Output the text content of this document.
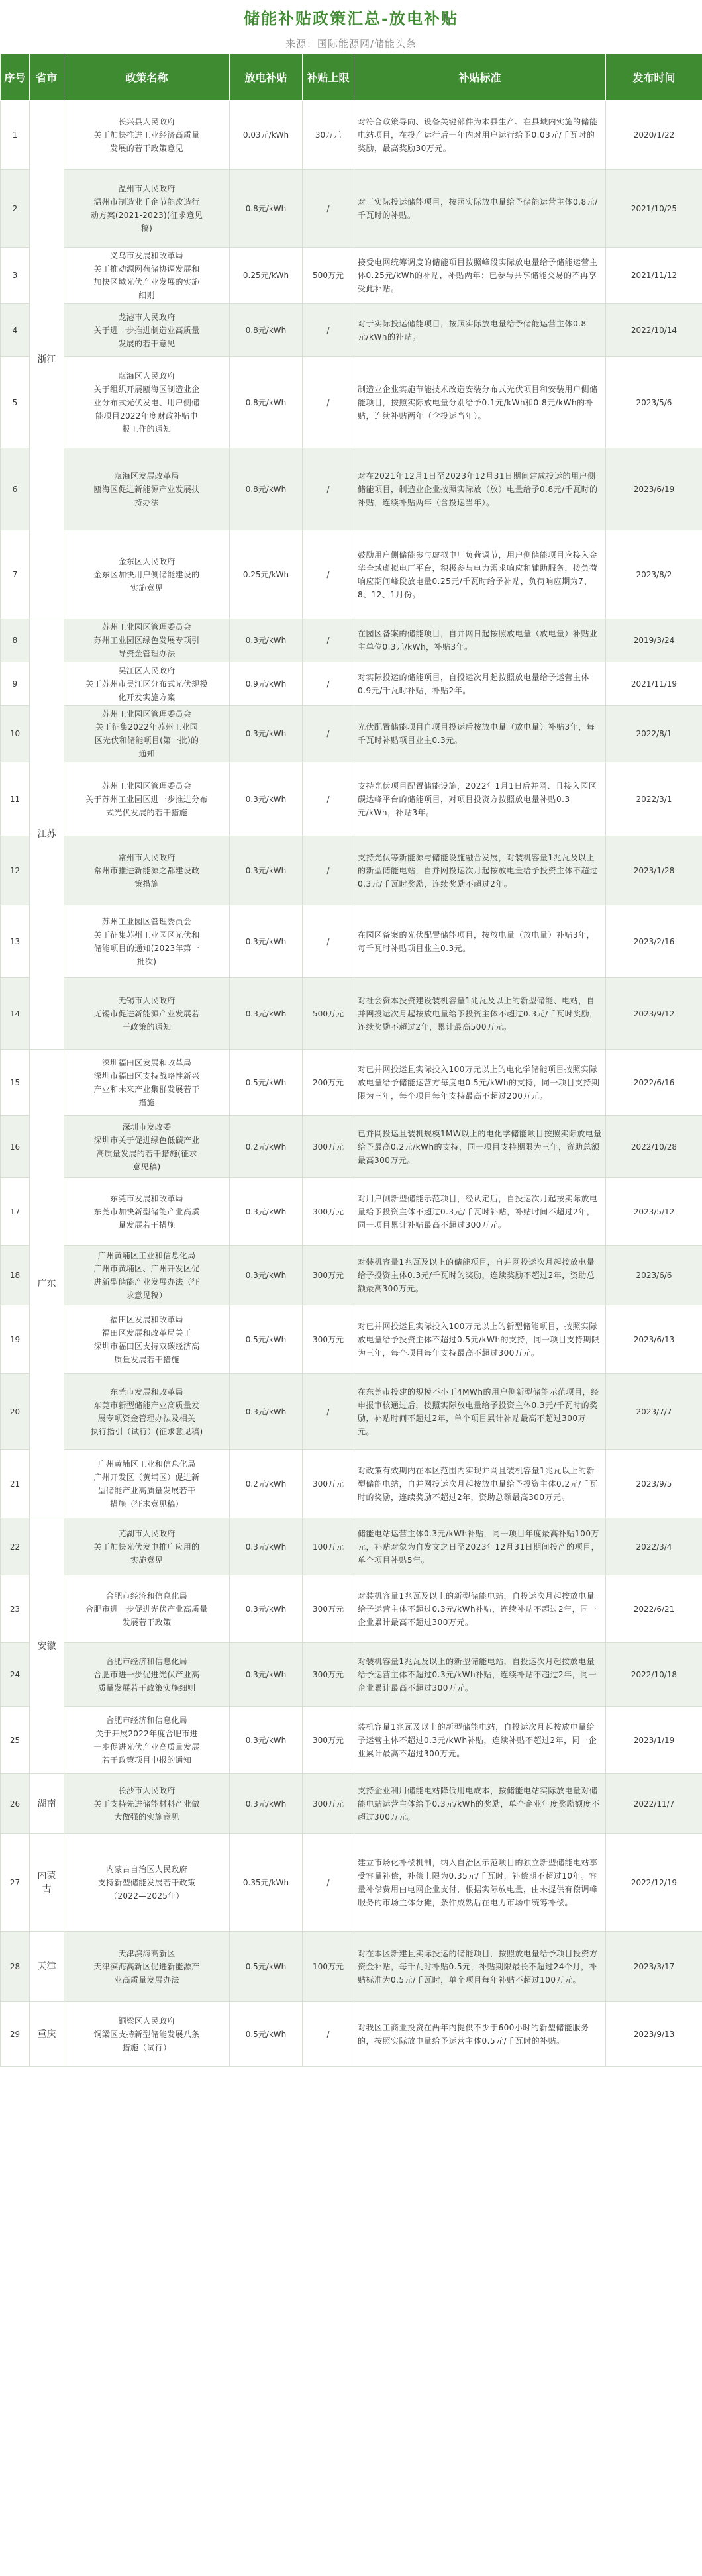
储能补贴政策汇总-放电补贴
来源：国际能源网/储能头条
序号	省市	政策名称	放电补贴	补贴上限	补贴标准	发布时间
1	浙江	长兴县人民政府
关于加快推进工业经济高质量
发展的若干政策意见	0.03元/kWh	30万元	对符合政策导向、设备关键部件为本县生产、在县域内实施的储能电站项目，在投产运行后一年内对用户运行给予0.03元/千瓦时的奖励，最高奖励30万元。	2020/1/22
2		温州市人民政府
温州市制造业千企节能改造行
动方案(2021-2023)(征求意见
稿)	0.8元/kWh	/	对于实际投运储能项目，按照实际放电量给予储能运营主体0.8元/千瓦时的补贴。	2021/10/25
3		义乌市发展和改革局
关于推动源网荷储协调发展和
加快区域光伏产业发展的实施
细则	0.25元/kWh	500万元	接受电网统筹调度的储能项目按照峰段实际放电量给予储能运营主体0.25元/kWh的补贴，补贴两年；已参与共享储能交易的不再享受此补贴。	2021/11/12
4		龙港市人民政府
关于进一步推进制造业高质量
发展的若干意见	0.8元/kWh	/	对于实际投运储能项目，按照实际放电量给予储能运营主体0.8元/kWh的补贴。	2022/10/14
5		瓯海区人民政府
关于组织开展瓯海区制造业企
业分布式光伏发电、用户侧储
能项目2022年度财政补贴申
报工作的通知	0.8元/kWh	/	制造业企业实施节能技术改造安装分布式光伏项目和安装用户侧储能项目，按照实际放电量分别给予0.1元/kWh和0.8元/kWh的补贴，连续补贴两年（含投运当年）。	2023/5/6
6		瓯海区发展改革局
瓯海区促进新能源产业发展扶
持办法	0.8元/kWh	/	对在2021年12月1日至2023年12月31日期间建成投运的用户侧储能项目，制造业企业按照实际放（放）电量给予0.8元/千瓦时的补贴，连续补贴两年（含投运当年）。	2023/6/19
7		金东区人民政府
金东区加快用户侧储能建设的
实施意见	0.25元/kWh	/	鼓励用户侧储能参与虚拟电厂负荷调节，用户侧储能项目应接入金华全域虚拟电厂平台，积极参与电力需求响应和辅助服务，按负荷响应期间峰段放电量0.25元/千瓦时给予补贴，负荷响应期为7、8、12、1月份。	2023/8/2
8	江苏	苏州工业园区管理委员会
苏州工业园区绿色发展专项引
导资金管理办法	0.3元/kWh	/	在园区备案的储能项目，自并网日起按照放电量（放电量）补贴业主单位0.3元/kWh，补贴3年。	2019/3/24
9		吴江区人民政府
关于苏州市吴江区分布式光伏规模
化开发实施方案	0.9元/kWh	/	对实际投运的储能项目，自投运次月起按照放电量给予运营主体0.9元/千瓦时补贴，补贴2年。	2021/11/19
10		苏州工业园区管理委员会
关于征集2022年苏州工业园
区光伏和储能项目(第一批)的
通知	0.3元/kWh	/	光伏配置储能项目自项目投运后按放电量（放电量）补贴3年，每千瓦时补贴项目业主0.3元。	2022/8/1
11		苏州工业园区管理委员会
关于苏州工业园区进一步推进分布
式光伏发展的若干措施	0.3元/kWh	/	支持光伏项目配置储能设施，2022年1月1日后并网、且接入园区碳达峰平台的储能项目，对项目投资方按照放电量补贴0.3元/kWh，补贴3年。	2022/3/1
12		常州市人民政府
常州市推进新能源之都建设政
策措施	0.3元/kWh	/	支持光伏等新能源与储能设施融合发展，对装机容量1兆瓦及以上的新型储能电站，自并网投运次月起按放电量给予投资主体不超过0.3元/千瓦时奖励，连续奖励不超过2年。	2023/1/28
13		苏州工业园区管理委员会
关于征集苏州工业园区光伏和
储能项目的通知(2023年第一
批次)	0.3元/kWh	/	在园区备案的光伏配置储能项目，按放电量（放电量）补贴3年，每千瓦时补贴项目业主0.3元。	2023/2/16
14		无锡市人民政府
无锡市促进新能源产业发展若
干政策的通知	0.3元/kWh	500万元	对社会资本投资建设装机容量1兆瓦及以上的新型储能、电站，自并网投运次月起按放电量给予投资主体不超过0.3元/千瓦时奖励，连续奖励不超过2年，累计最高500万元。	2023/9/12
15	广东	深圳福田区发展和改革局
深圳市福田区支持战略性新兴
产业和未来产业集群发展若干
措施	0.5元/kWh	200万元	对已并网投运且实际投入100万元以上的电化学储能项目按照实际放电量给予储能运营方每度电0.5元/kWh的支持，同一项目支持期限为三年，每个项目每年支持最高不超过200万元。	2022/6/16
16		深圳市发改委
深圳市关于促进绿色低碳产业
高质量发展的若干措施(征求
意见稿)	0.2元/kWh	300万元	已并网投运且装机规模1MW以上的电化学储能项目按照实际放电量给予最高0.2元/kWh的支持，同一项目支持期限为三年，资助总额最高300万元。	2022/10/28
17		东莞市发展和改革局
东莞市加快新型储能产业高质
量发展若干措施	0.3元/kWh	300万元	对用户侧新型储能示范项目，经认定后，自投运次月起按实际放电量给予投资主体不超过0.3元/千瓦时补贴，补贴时间不超过2年，同一项目累计补贴最高不超过300万元。	2023/5/12
18		广州黄埔区工业和信息化局
广州市黄埔区、广州开发区促
进新型储能产业发展办法（征
求意见稿）	0.3元/kWh	300万元	对装机容量1兆瓦及以上的储能项目，自并网投运次月起按放电量给予投资主体0.3元/千瓦时的奖励，连续奖励不超过2年，资助总额最高300万元。	2023/6/6
19		福田区发展和改革局
福田区发展和改革局关于
深圳市福田区支持双碳经济高
质量发展若干措施	0.5元/kWh	300万元	对已并网投运且实际投入100万元以上的新型储能项目，按照实际放电量给予投资主体不超过0.5元/kWh的支持，同一项目支持期限为三年，每个项目每年支持最高不超过300万元。	2023/6/13
20		东莞市发展和改革局
东莞市新型储能产业高质量发
展专项资金管理办法及相关
执行指引（试行）(征求意见稿)	0.3元/kWh	/	在东莞市投建的规模不小于4MWh的用户侧新型储能示范项目，经申报审核通过后，按照实际放电量给予投资主体0.3元/千瓦时的奖励，补贴时间不超过2年，单个项目累计补贴最高不超过300万元。	2023/7/7
21		广州黄埔区工业和信息化局
广州开发区（黄埔区）促进新
型储能产业高质量发展若干
措施（征求意见稿）	0.2元/kWh	300万元	对政策有效期内在本区范围内实现并网且装机容量1兆瓦以上的新型储能电站，自并网投运次月起按放电量给予投资主体0.2元/千瓦时的奖励，连续奖励不超过2年，资助总额最高300万元。	2023/9/5
22	安徽	芜湖市人民政府
关于加快光伏发电推广应用的
实施意见	0.3元/kWh	100万元	储能电站运营主体0.3元/kWh补贴，同一项目年度最高补贴100万元，补贴对象为自发文之日至2023年12月31日期间投产的项目，单个项目补贴5年。	2022/3/4
23		合肥市经济和信息化局
合肥市进一步促进光伏产业高质量
发展若干政策	0.3元/kWh	300万元	对装机容量1兆瓦及以上的新型储能电站，自投运次月起按放电量给予运营主体不超过0.3元/kWh补贴，连续补贴不超过2年，同一企业累计最高不超过300万元。	2022/6/21
24		合肥市经济和信息化局
合肥市进一步促进光伏产业高
质量发展若干政策实施细则	0.3元/kWh	300万元	对装机容量1兆瓦及以上的新型储能电站，自投运次月起按放电量给予运营主体不超过0.3元/kWh补贴，连续补贴不超过2年，同一企业累计最高不超过300万元。	2022/10/18
25		合肥市经济和信息化局
关于开展2022年度合肥市进
一步促进光伏产业高质量发展
若干政策项目申报的通知	0.3元/kWh	300万元	装机容量1兆瓦及以上的新型储能电站，自投运次月起按放电量给予运营主体不超过0.3元/kWh补贴，连续补贴不超过2年，同一企业累计最高不超过300万元。	2023/1/19
26	湖南	长沙市人民政府
关于支持先进储能材料产业做
大做强的实施意见	0.3元/kWh	300万元	支持企业利用储能电站降低用电成本，按储能电站实际放电量对储能电站运营主体给予0.3元/kWh的奖励，单个企业年度奖励额度不超过300万元。	2022/11/7
27	内蒙古	内蒙古自治区人民政府
支持新型储能发展若干政策
（2022—2025年）	0.35元/kWh	/	建立市场化补偿机制，纳入自治区示范项目的独立新型储能电站享受容量补偿，补偿上限为0.35元/千瓦时，补偿期不超过10年。容量补偿费用由电网企业支付，根据实际放电量，由未提供有偿调峰服务的市场主体分摊，条件成熟后在电力市场中统筹补偿。	2022/12/19
28	天津	天津滨海高新区
天津滨海高新区促进新能源产
业高质量发展办法	0.5元/kWh	100万元	对在本区新建且实际投运的储能项目，按照放电量给予项目投资方资金补贴，每千瓦时补贴0.5元，补贴期限最长不超过24个月，补贴标准为0.5元/千瓦时，单个项目每年补贴不超过100万元。	2023/3/17
29	重庆	铜梁区人民政府
铜梁区支持新型储能发展八条
措施（试行）	0.5元/kWh	/	对我区工商业投资在两年内提供不少于600小时的新型储能服务的，按照实际放电量给予运营主体0.5元/千瓦时的补贴。	2023/9/13
